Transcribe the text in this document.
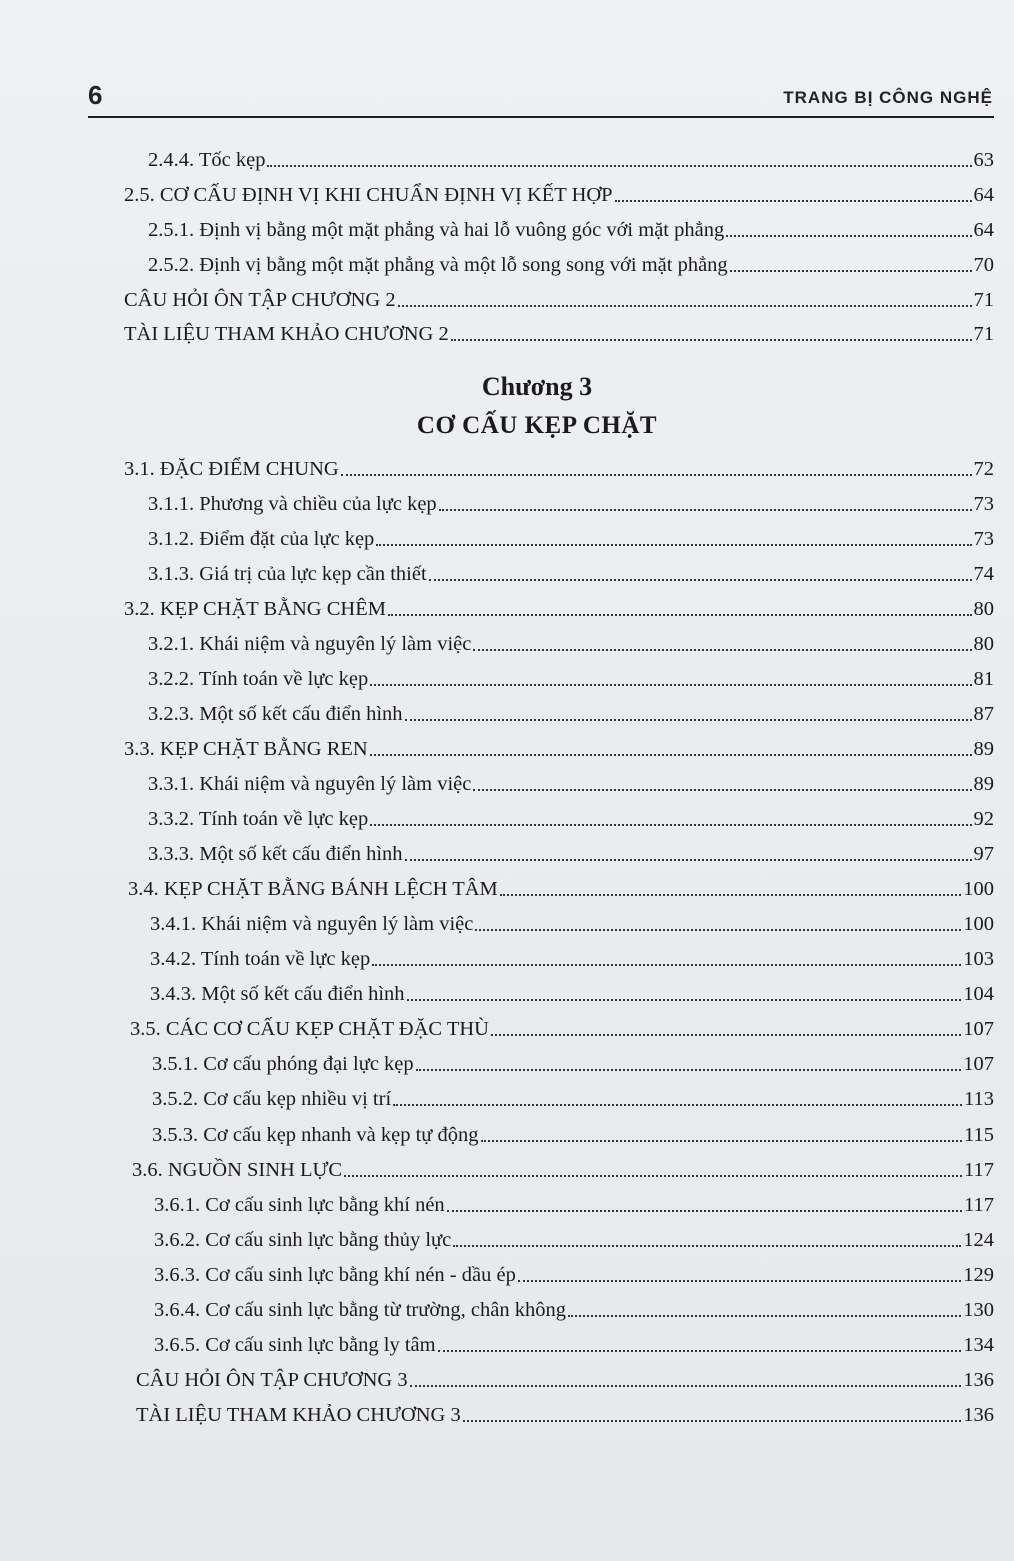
6	TRANG BỊ CÔNG NGHỆ
2.4.4. Tốc kẹp	63
2.5. CƠ CẤU ĐỊNH VỊ KHI CHUẨN ĐỊNH VỊ KẾT HỢP	64
2.5.1. Định vị bằng một mặt phẳng và hai lỗ vuông góc với mặt phẳng	64
2.5.2. Định vị bằng một mặt phẳng và một lỗ song song với mặt phẳng	70
CÂU HỎI ÔN TẬP CHƯƠNG 2	71
TÀI LIỆU THAM KHẢO CHƯƠNG 2	71
Chương 3
CƠ CẤU KẸP CHẶT
3.1. ĐẶC ĐIỂM CHUNG	72
3.1.1. Phương và chiều của lực kẹp	73
3.1.2. Điểm đặt của lực kẹp	73
3.1.3. Giá trị của lực kẹp cần thiết	74
3.2. KẸP CHẶT BẰNG CHÊM	80
3.2.1. Khái niệm và nguyên lý làm việc	80
3.2.2. Tính toán về lực kẹp	81
3.2.3. Một số kết cấu điển hình	87
3.3. KẸP CHẶT BẰNG REN	89
3.3.1. Khái niệm và nguyên lý làm việc	89
3.3.2. Tính toán về lực kẹp	92
3.3.3. Một số kết cấu điển hình	97
3.4. KẸP CHẶT BẰNG BÁNH LỆCH TÂM	100
3.4.1. Khái niệm và nguyên lý làm việc	100
3.4.2. Tính toán về lực kẹp	103
3.4.3. Một số kết cấu điển hình	104
3.5. CÁC CƠ CẤU KẸP CHẶT ĐẶC THÙ	107
3.5.1. Cơ cấu phóng đại lực kẹp	107
3.5.2. Cơ cấu kẹp nhiều vị trí	113
3.5.3. Cơ cấu kẹp nhanh và kẹp tự động	115
3.6. NGUỒN SINH LỰC	117
3.6.1. Cơ cấu sinh lực bằng khí nén	117
3.6.2. Cơ cấu sinh lực bằng thủy lực	124
3.6.3. Cơ cấu sinh lực bằng khí nén - dầu ép	129
3.6.4. Cơ cấu sinh lực bằng từ trường, chân không	130
3.6.5. Cơ cấu sinh lực bằng ly tâm	134
CÂU HỎI ÔN TẬP CHƯƠNG 3	136
TÀI LIỆU THAM KHẢO CHƯƠNG 3	136
